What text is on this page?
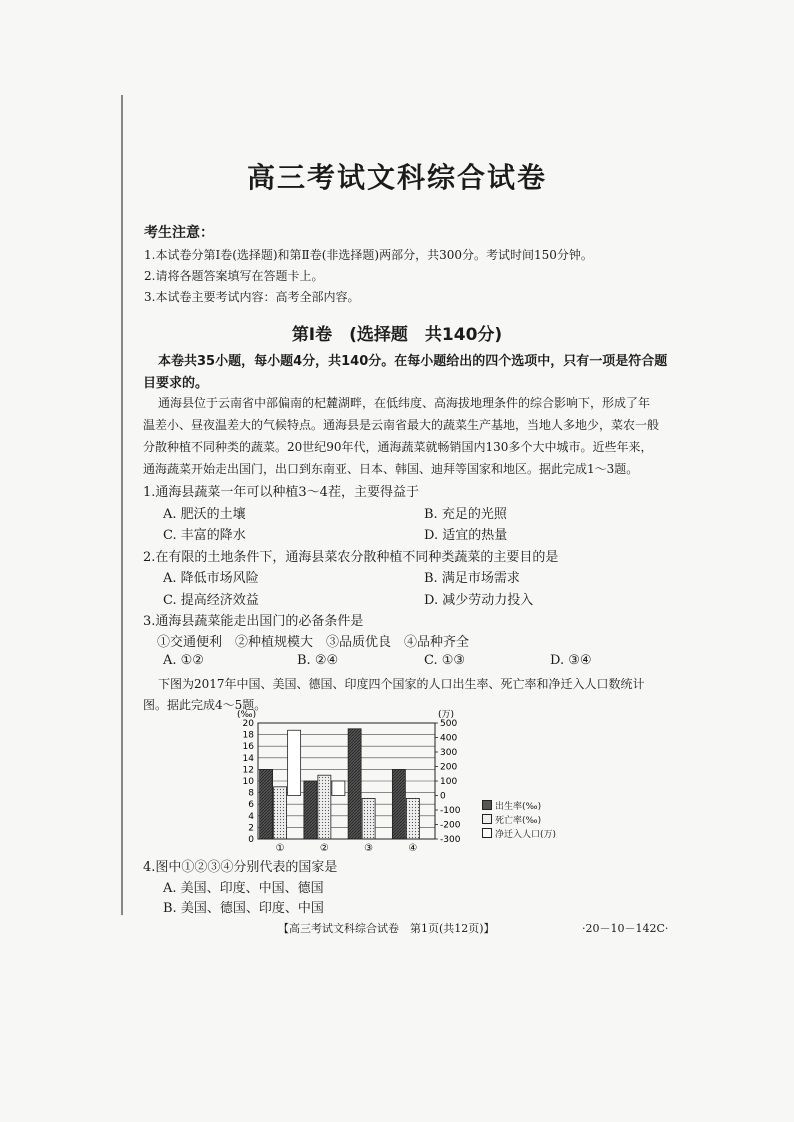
高三考试文科综合试卷
考生注意：
1.本试卷分第Ⅰ卷(选择题)和第Ⅱ卷(非选择题)两部分，共300分。考试时间150分钟。
2.请将各题答案填写在答题卡上。
3.本试卷主要考试内容：高考全部内容。
第Ⅰ卷　(选择题　共140分)
本卷共35小题，每小题4分，共140分。在每小题给出的四个选项中，只有一项是符合题
目要求的。
通海县位于云南省中部偏南的杞麓湖畔，在低纬度、高海拔地理条件的综合影响下，形成了年
温差小、昼夜温差大的气候特点。通海县是云南省最大的蔬菜生产基地，当地人多地少，菜农一般
分散种植不同种类的蔬菜。20世纪90年代，通海蔬菜就畅销国内130多个大中城市。近些年来，
通海蔬菜开始走出国门，出口到东南亚、日本、韩国、迪拜等国家和地区。据此完成1～3题。
1.通海县蔬菜一年可以种植3～4茬，主要得益于
A. 肥沃的土壤	B. 充足的光照
C. 丰富的降水	D. 适宜的热量
2.在有限的土地条件下，通海县菜农分散种植不同种类蔬菜的主要目的是
A. 降低市场风险	B. 满足市场需求
C. 提高经济效益	D. 减少劳动力投入
3.通海县蔬菜能走出国门的必备条件是
①交通便利　②种植规模大　③品质优良　④品种齐全
A. ①②	B. ②④	C. ①③	D. ③④
下图为2017年中国、美国、德国、印度四个国家的人口出生率、死亡率和净迁入人口数统计
图。据此完成4～5题。
0
2
4
6
8
10
12
14
16
18
20
-300
-200
-100
0
100
200
300
400
500
①	②	③	④
(‰)	(万)
出生率(‰)
死亡率(‰)
净迁入人口(万)
4.图中①②③④分别代表的国家是
A. 美国、印度、中国、德国
B. 美国、德国、印度、中国
【高三考试文科综合试卷　第1页(共12页)】	·20－10－142C·
